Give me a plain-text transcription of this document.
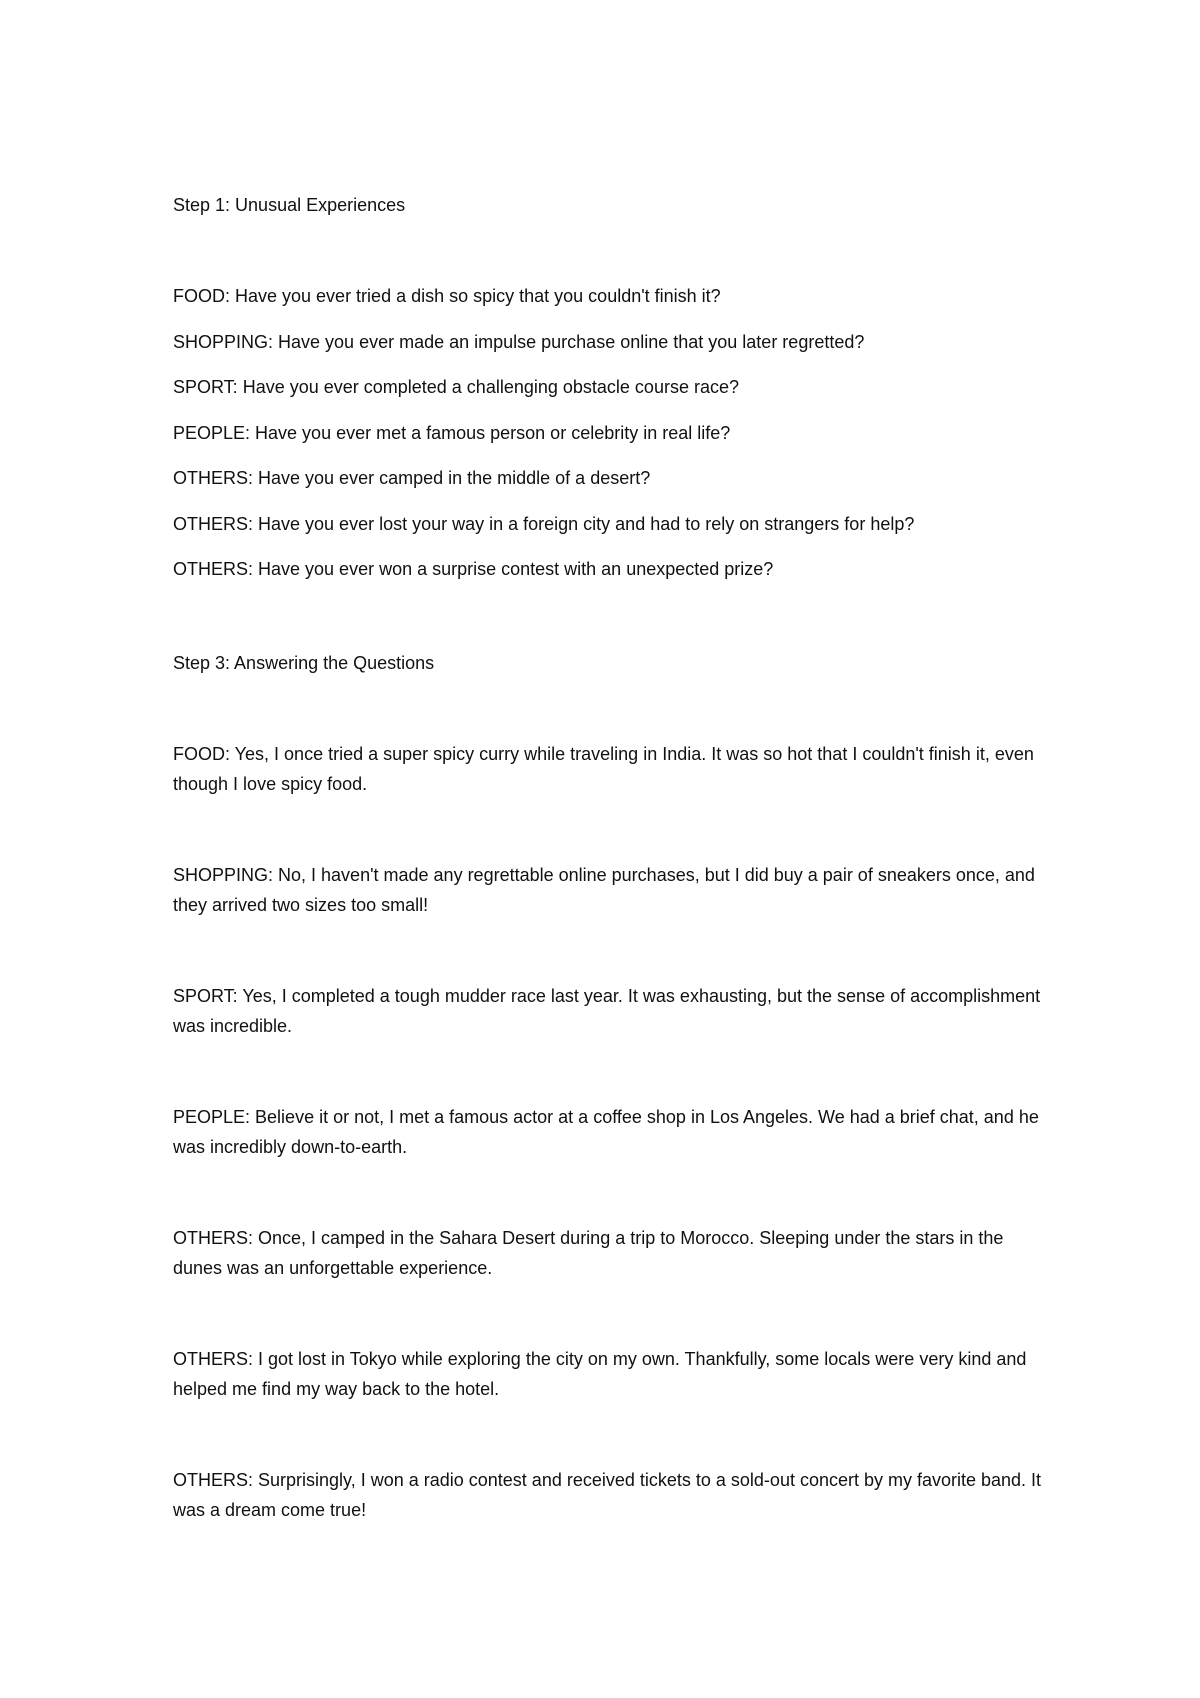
Step 1: Unusual Experiences
FOOD: Have you ever tried a dish so spicy that you couldn't finish it?
SHOPPING: Have you ever made an impulse purchase online that you later regretted?
SPORT: Have you ever completed a challenging obstacle course race?
PEOPLE: Have you ever met a famous person or celebrity in real life?
OTHERS: Have you ever camped in the middle of a desert?
OTHERS: Have you ever lost your way in a foreign city and had to rely on strangers for help?
OTHERS: Have you ever won a surprise contest with an unexpected prize?
Step 3: Answering the Questions

FOOD: Yes, I once tried a super spicy curry while traveling in India. It was so hot that I couldn't finish it, even though I love spicy food.

SHOPPING: No, I haven't made any regrettable online purchases, but I did buy a pair of sneakers once, and they arrived two sizes too small!

SPORT: Yes, I completed a tough mudder race last year. It was exhausting, but the sense of accomplishment was incredible.

PEOPLE: Believe it or not, I met a famous actor at a coffee shop in Los Angeles. We had a brief chat, and he was incredibly down-to-earth.

OTHERS: Once, I camped in the Sahara Desert during a trip to Morocco. Sleeping under the stars in the dunes was an unforgettable experience.

OTHERS: I got lost in Tokyo while exploring the city on my own. Thankfully, some locals were very kind and helped me find my way back to the hotel.

OTHERS: Surprisingly, I won a radio contest and received tickets to a sold-out concert by my favorite band. It was a dream come true!
